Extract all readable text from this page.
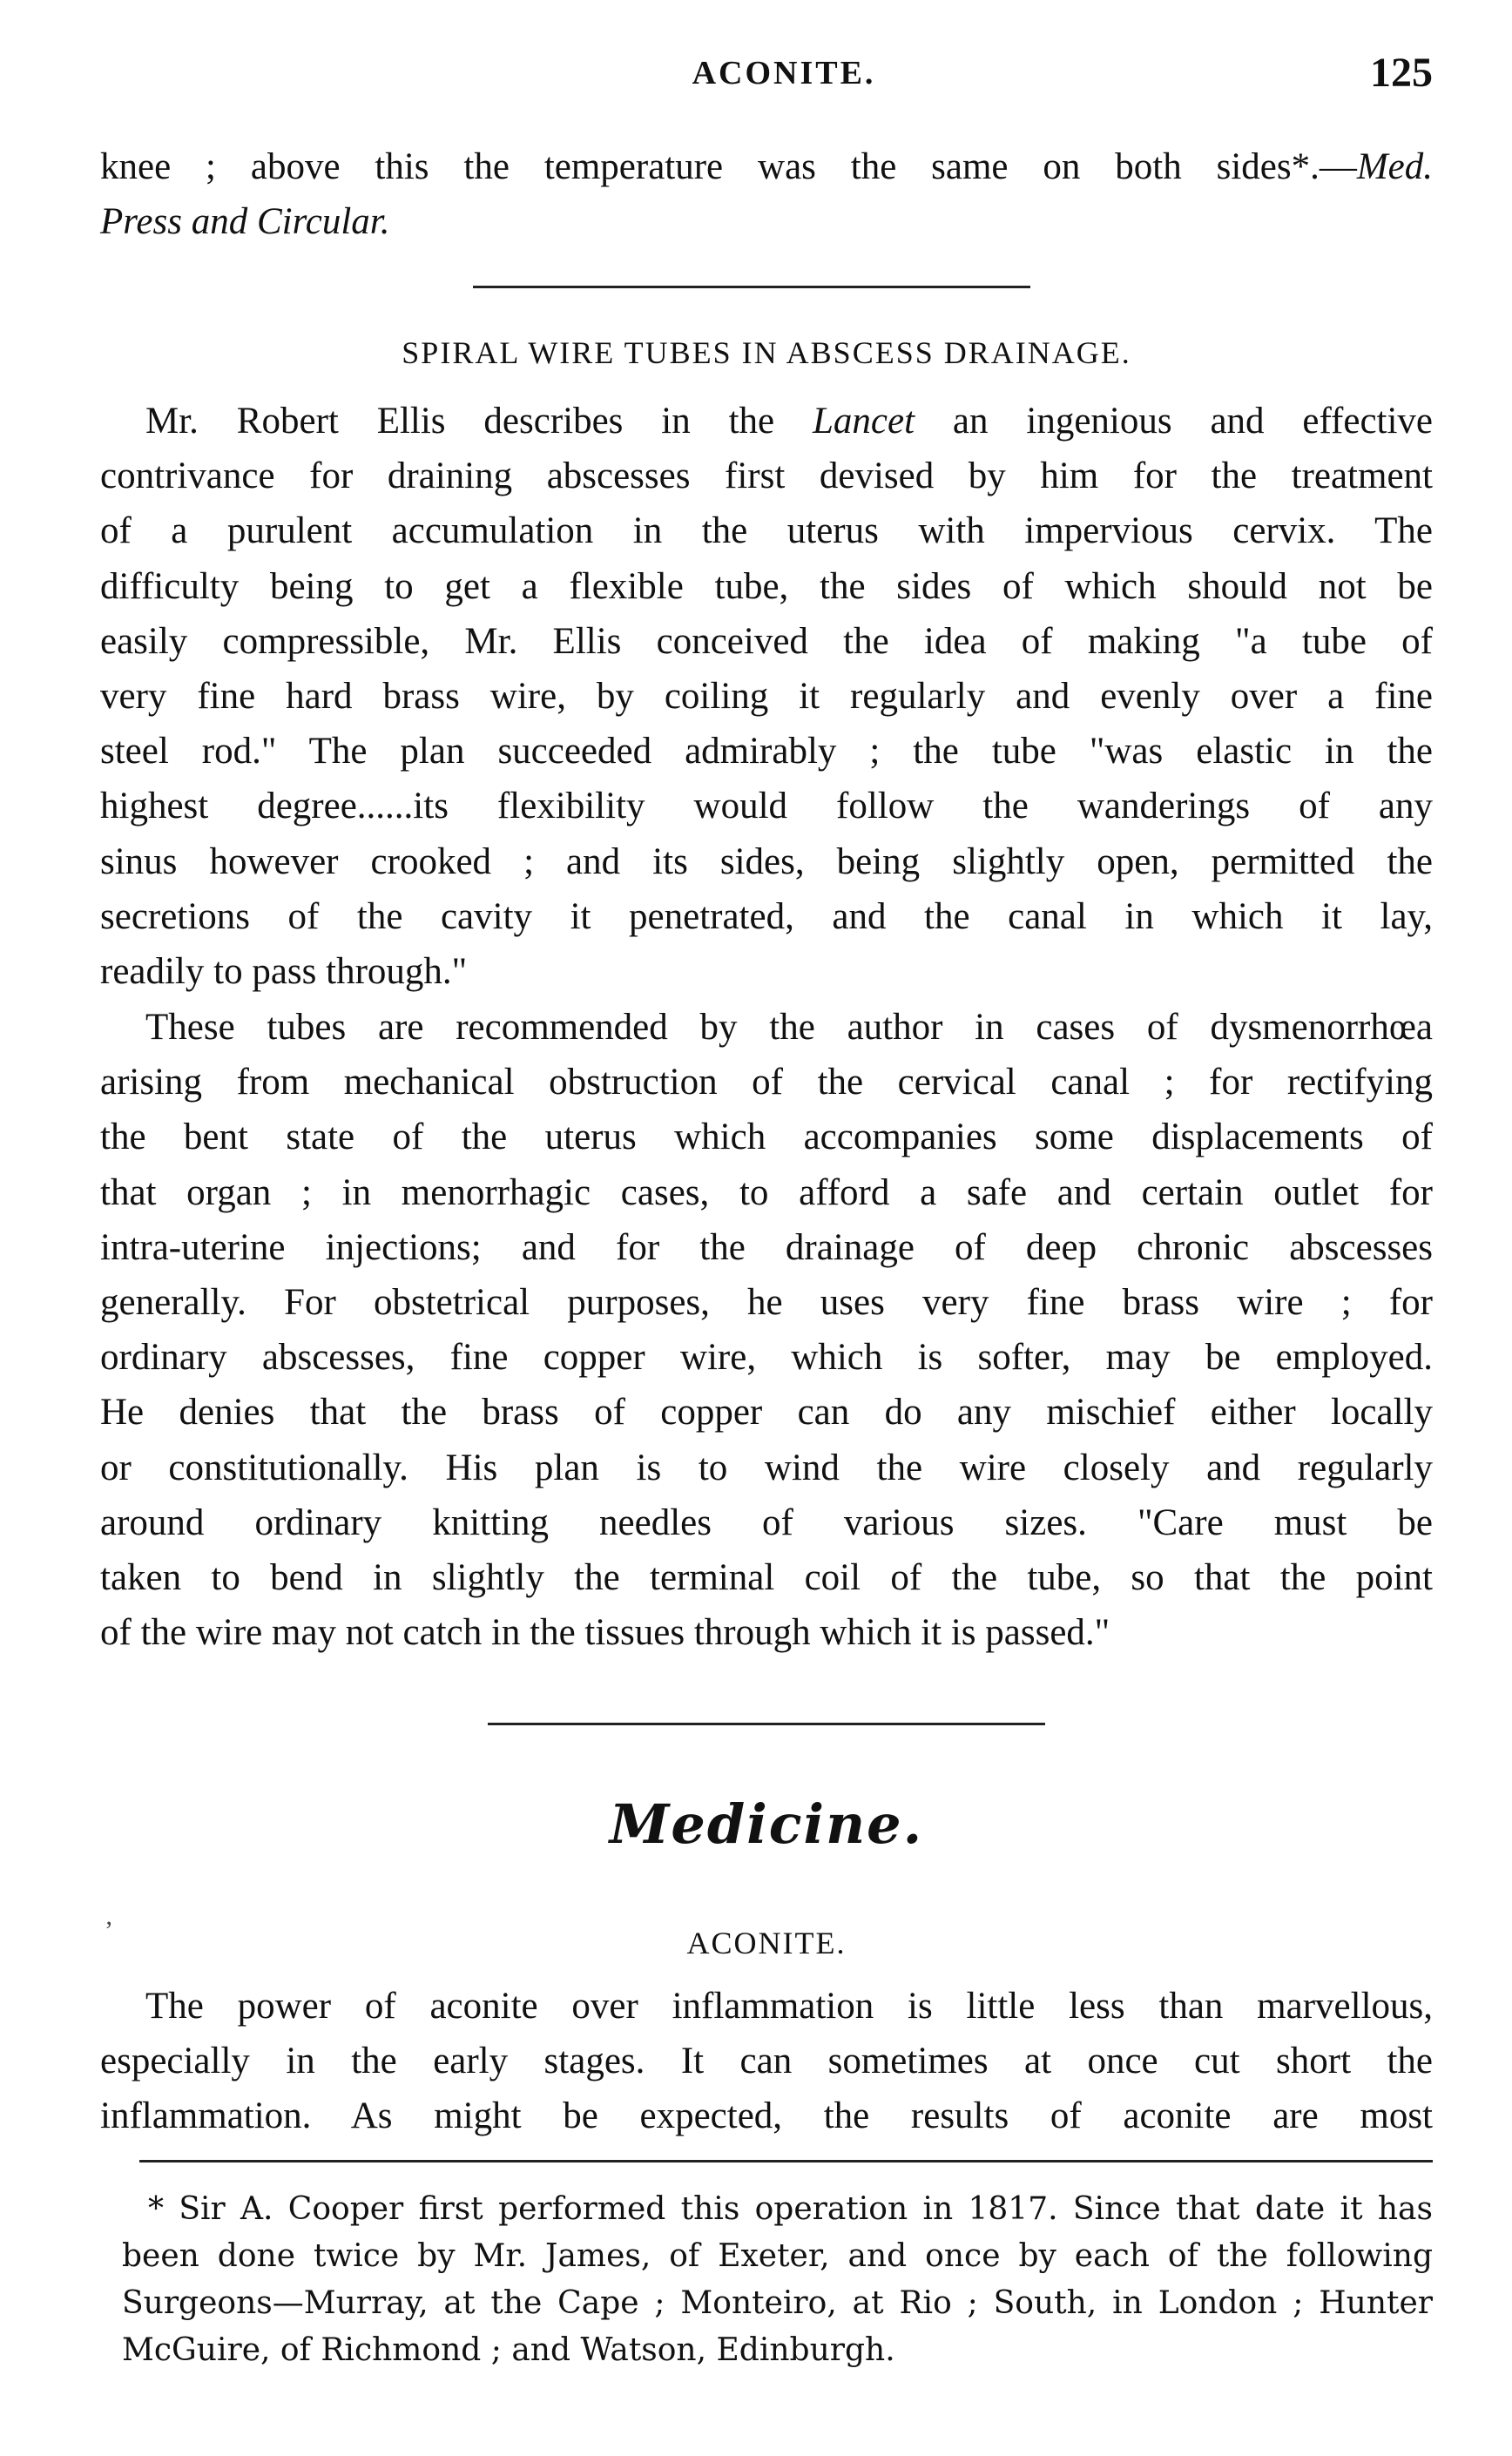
ACONITE.	125
knee ; above this the temperature was the same on both sides*.—Med.
Press and Circular.
SPIRAL WIRE TUBES IN ABSCESS DRAINAGE.
Mr. Robert Ellis describes in the Lancet an ingenious and effective
contrivance for draining abscesses first devised by him for the treatment
of a purulent accumulation in the uterus with impervious cervix. The
difficulty being to get a flexible tube, the sides of which should not be
easily compressible, Mr. Ellis conceived the idea of making "a tube of
very fine hard brass wire, by coiling it regularly and evenly over a fine
steel rod." The plan succeeded admirably ; the tube "was elastic in the
highest degree......its flexibility would follow the wanderings of any
sinus however crooked ; and its sides, being slightly open, permitted the
secretions of the cavity it penetrated, and the canal in which it lay,
readily to pass through."
These tubes are recommended by the author in cases of dysmenorrhœa
arising from mechanical obstruction of the cervical canal ; for rectifying
the bent state of the uterus which accompanies some displacements of
that organ ; in menorrhagic cases, to afford a safe and certain outlet for
intra-uterine injections; and for the drainage of deep chronic abscesses
generally. For obstetrical purposes, he uses very fine brass wire ; for
ordinary abscesses, fine copper wire, which is softer, may be employed.
He denies that the brass of copper can do any mischief either locally
or constitutionally. His plan is to wind the wire closely and regularly
around ordinary knitting needles of various sizes. "Care must be
taken to bend in slightly the terminal coil of the tube, so that the point
of the wire may not catch in the tissues through which it is passed."
Medicine.
’	ACONITE.
The power of aconite over inflammation is little less than marvellous,
especially in the early stages. It can sometimes at once cut short the
inflammation. As might be expected, the results of aconite are most
* Sir A. Cooper first performed this operation in 1817. Since that date it has
been done twice by Mr. James, of Exeter, and once by each of the following
Surgeons—Murray, at the Cape ; Monteiro, at Rio ; South, in London ; Hunter
McGuire, of Richmond ; and Watson, Edinburgh.
